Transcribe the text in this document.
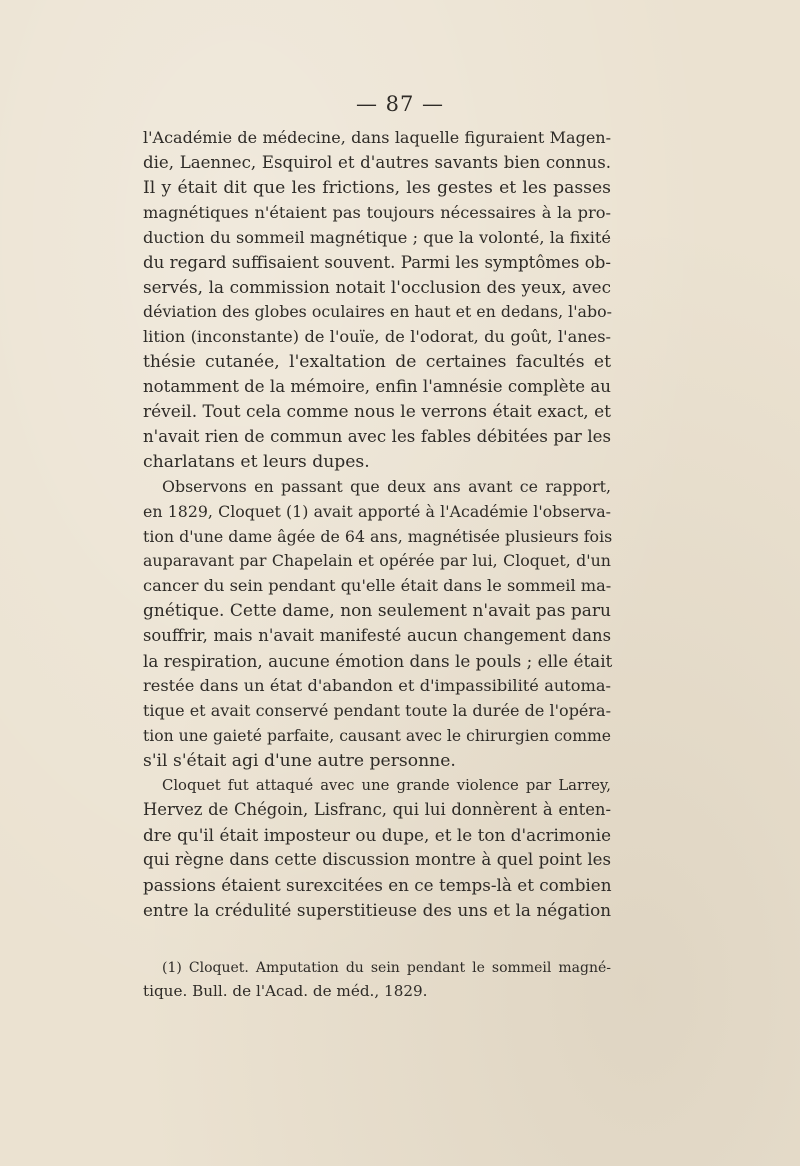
— 87 —
l'Académie de médecine, dans laquelle figuraient Magen-
die, Laennec, Esquirol et d'autres savants bien connus.
Il y était dit que les frictions, les gestes et les passes
magnétiques n'étaient pas toujours nécessaires à la pro-
duction du sommeil magnétique ; que la volonté, la fixité
du regard suffisaient souvent. Parmi les symptômes ob-
servés, la commission notait l'occlusion des yeux, avec
déviation des globes oculaires en haut et en dedans, l'abo-
lition (inconstante) de l'ouïe, de l'odorat, du goût, l'anes-
thésie cutanée, l'exaltation de certaines facultés et
notamment de la mémoire, enfin l'amnésie complète au
réveil. Tout cela comme nous le verrons était exact, et
n'avait rien de commun avec les fables débitées par les
charlatans et leurs dupes.
Observons en passant que deux ans avant ce rapport,
en 1829, Cloquet (1) avait apporté à l'Académie l'observa-
tion d'une dame âgée de 64 ans, magnétisée plusieurs fois
auparavant par Chapelain et opérée par lui, Cloquet, d'un
cancer du sein pendant qu'elle était dans le sommeil ma-
gnétique. Cette dame, non seulement n'avait pas paru
souffrir, mais n'avait manifesté aucun changement dans
la respiration, aucune émotion dans le pouls ; elle était
restée dans un état d'abandon et d'impassibilité automa-
tique et avait conservé pendant toute la durée de l'opéra-
tion une gaieté parfaite, causant avec le chirurgien comme
s'il s'était agi d'une autre personne.
Cloquet fut attaqué avec une grande violence par Larrey,
Hervez de Chégoin, Lisfranc, qui lui donnèrent à enten-
dre qu'il était imposteur ou dupe, et le ton d'acrimonie
qui règne dans cette discussion montre à quel point les
passions étaient surexcitées en ce temps-là et combien
entre la crédulité superstitieuse des uns et la négation
(1) Cloquet. Amputation du sein pendant le sommeil magné-
tique. Bull. de l'Acad. de méd., 1829.
